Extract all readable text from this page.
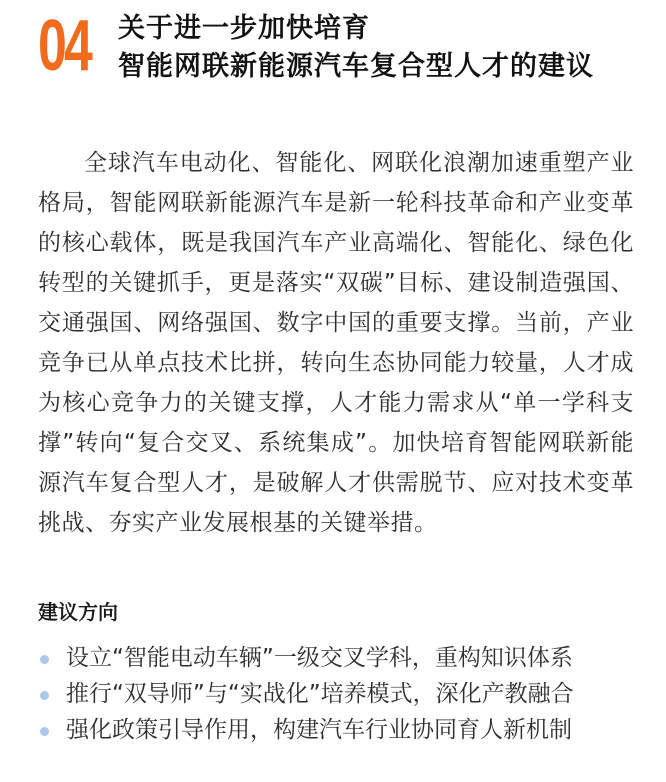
04 关于进一步加快培育
智能网联新能源汽车复合型人才的建议

全球汽车电动化、智能化、网联化浪潮加速重塑产业格局，智能网联新能源汽车是新一轮科技革命和产业变革的核心载体，既是我国汽车产业高端化、智能化、绿色化转型的关键抓手，更是落实“双碳”目标、建设制造强国、交通强国、网络强国、数字中国的重要支撑。当前，产业竞争已从单点技术比拼，转向生态协同能力较量，人才成为核心竞争力的关键支撑，人才能力需求从“单一学科支撑”转向“复合交叉、系统集成”。加快培育智能网联新能源汽车复合型人才，是破解人才供需脱节、应对技术变革挑战、夯实产业发展根基的关键举措。

建议方向
设立“智能电动车辆”一级交叉学科，重构知识体系
推行“双导师”与“实战化”培养模式，深化产教融合
强化政策引导作用，构建汽车行业协同育人新机制
